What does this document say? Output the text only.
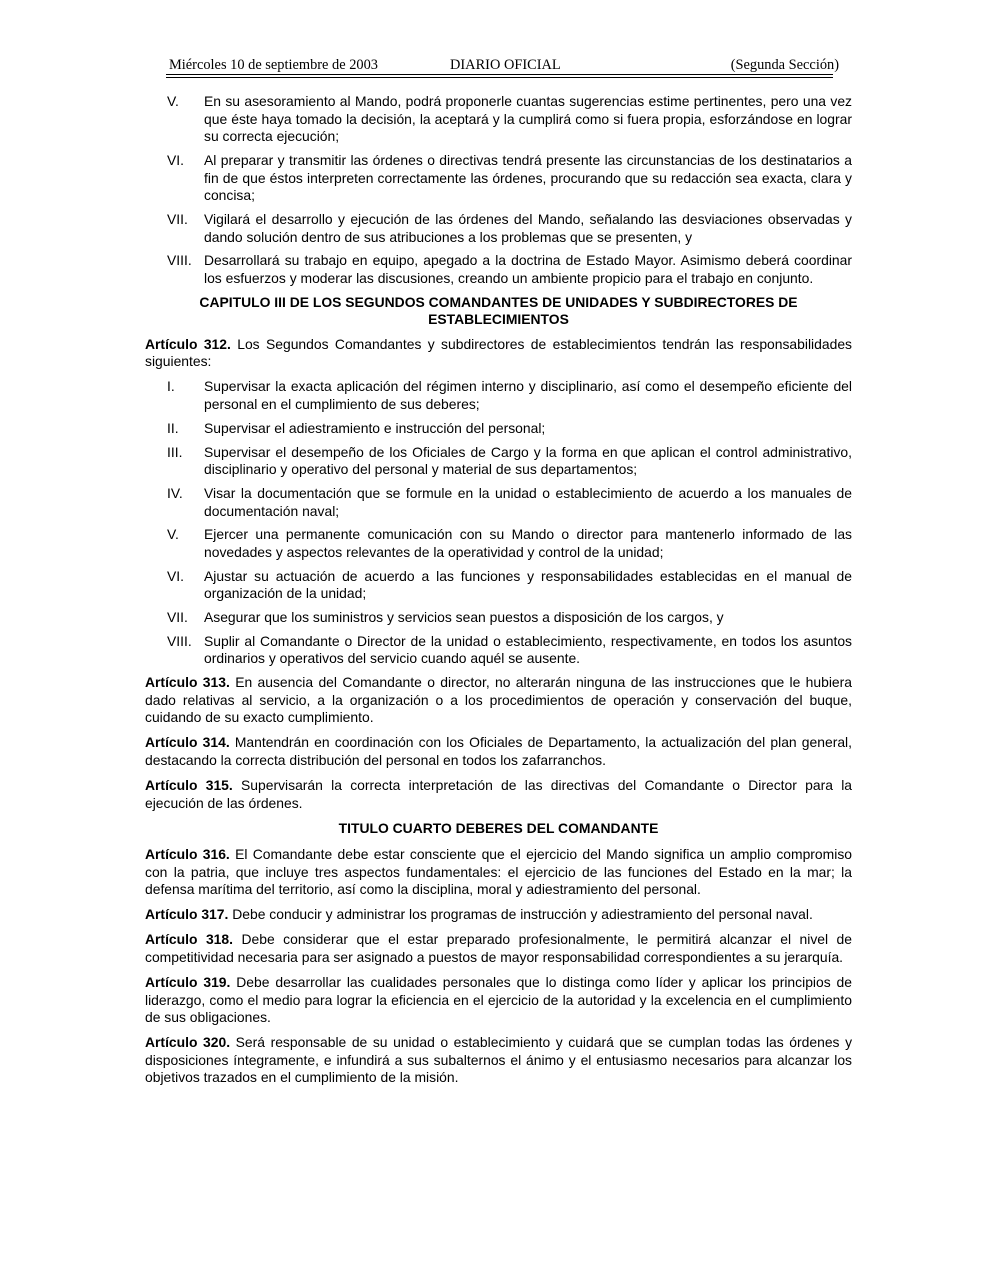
Miércoles 10 de septiembre de 2003	DIARIO OFICIAL	(Segunda Sección)
V. En su asesoramiento al Mando, podrá proponerle cuantas sugerencias estime pertinentes, pero una vez que éste haya tomado la decisión, la aceptará y la cumplirá como si fuera propia, esforzándose en lograr su correcta ejecución;
VI. Al preparar y transmitir las órdenes o directivas tendrá presente las circunstancias de los destinatarios a fin de que éstos interpreten correctamente las órdenes, procurando que su redacción sea exacta, clara y concisa;
VII. Vigilará el desarrollo y ejecución de las órdenes del Mando, señalando las desviaciones observadas y dando solución dentro de sus atribuciones a los problemas que se presenten, y
VIII. Desarrollará su trabajo en equipo, apegado a la doctrina de Estado Mayor. Asimismo deberá coordinar los esfuerzos y moderar las discusiones, creando un ambiente propicio para el trabajo en conjunto.
CAPITULO III DE LOS SEGUNDOS COMANDANTES DE UNIDADES Y SUBDIRECTORES DE ESTABLECIMIENTOS
Artículo 312. Los Segundos Comandantes y subdirectores de establecimientos tendrán las responsabilidades siguientes:
I. Supervisar la exacta aplicación del régimen interno y disciplinario, así como el desempeño eficiente del personal en el cumplimiento de sus deberes;
II. Supervisar el adiestramiento e instrucción del personal;
III. Supervisar el desempeño de los Oficiales de Cargo y la forma en que aplican el control administrativo, disciplinario y operativo del personal y material de sus departamentos;
IV. Visar la documentación que se formule en la unidad o establecimiento de acuerdo a los manuales de documentación naval;
V. Ejercer una permanente comunicación con su Mando o director para mantenerlo informado de las novedades y aspectos relevantes de la operatividad y control de la unidad;
VI. Ajustar su actuación de acuerdo a las funciones y responsabilidades establecidas en el manual de organización de la unidad;
VII. Asegurar que los suministros y servicios sean puestos a disposición de los cargos, y
VIII. Suplir al Comandante o Director de la unidad o establecimiento, respectivamente, en todos los asuntos ordinarios y operativos del servicio cuando aquél se ausente.
Artículo 313. En ausencia del Comandante o director, no alterarán ninguna de las instrucciones que le hubiera dado relativas al servicio, a la organización o a los procedimientos de operación y conservación del buque, cuidando de su exacto cumplimiento.
Artículo 314. Mantendrán en coordinación con los Oficiales de Departamento, la actualización del plan general, destacando la correcta distribución del personal en todos los zafarranchos.
Artículo 315. Supervisarán la correcta interpretación de las directivas del Comandante o Director para la ejecución de las órdenes.
TITULO CUARTO DEBERES DEL COMANDANTE
Artículo 316. El Comandante debe estar consciente que el ejercicio del Mando significa un amplio compromiso con la patria, que incluye tres aspectos fundamentales: el ejercicio de las funciones del Estado en la mar; la defensa marítima del territorio, así como la disciplina, moral y adiestramiento del personal.
Artículo 317. Debe conducir y administrar los programas de instrucción y adiestramiento del personal naval.
Artículo 318. Debe considerar que el estar preparado profesionalmente, le permitirá alcanzar el nivel de competitividad necesaria para ser asignado a puestos de mayor responsabilidad correspondientes a su jerarquía.
Artículo 319. Debe desarrollar las cualidades personales que lo distinga como líder y aplicar los principios de liderazgo, como el medio para lograr la eficiencia en el ejercicio de la autoridad y la excelencia en el cumplimiento de sus obligaciones.
Artículo 320. Será responsable de su unidad o establecimiento y cuidará que se cumplan todas las órdenes y disposiciones íntegramente, e infundirá a sus subalternos el ánimo y el entusiasmo necesarios para alcanzar los objetivos trazados en el cumplimiento de la misión.
